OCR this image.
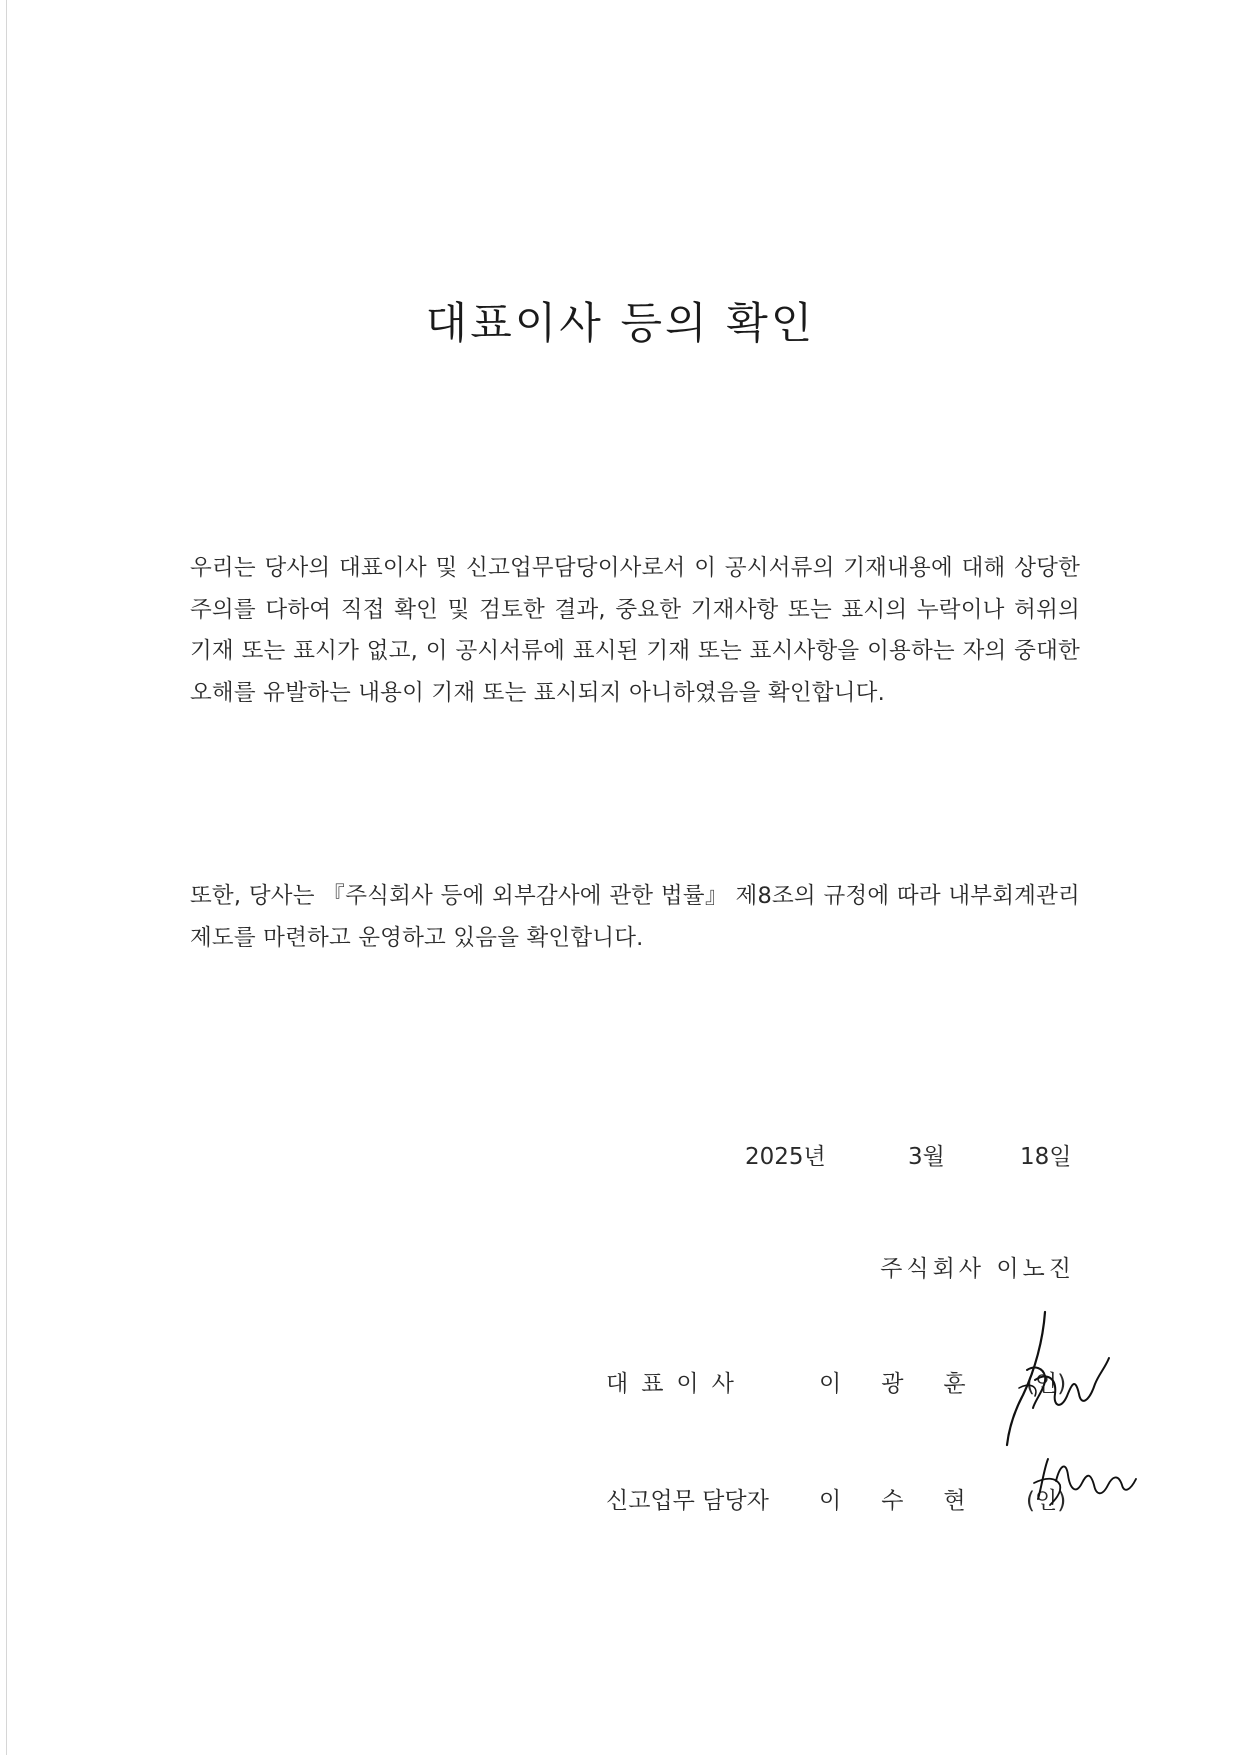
대표이사 등의 확인

우리는 당사의 대표이사 및 신고업무담당이사로서 이 공시서류의 기재내용에 대해 상당한 주의를 다하여 직접 확인 및 검토한 결과, 중요한 기재사항 또는 표시의 누락이나 허위의 기재 또는 표시가 없고, 이 공시서류에 표시된 기재 또는 표시사항을 이용하는 자의 중대한 오해를 유발하는 내용이 기재 또는 표시되지 아니하였음을 확인합니다.

또한, 당사는 『주식회사 등에 외부감사에 관한 법률』 제8조의 규정에 따라 내부회계관리제도를 마련하고 운영하고 있음을 확인합니다.

2025년	3월	18일
주식회사 이노진
대표이사	이광훈 (인)
신고업무 담당자 이수현 (인)
